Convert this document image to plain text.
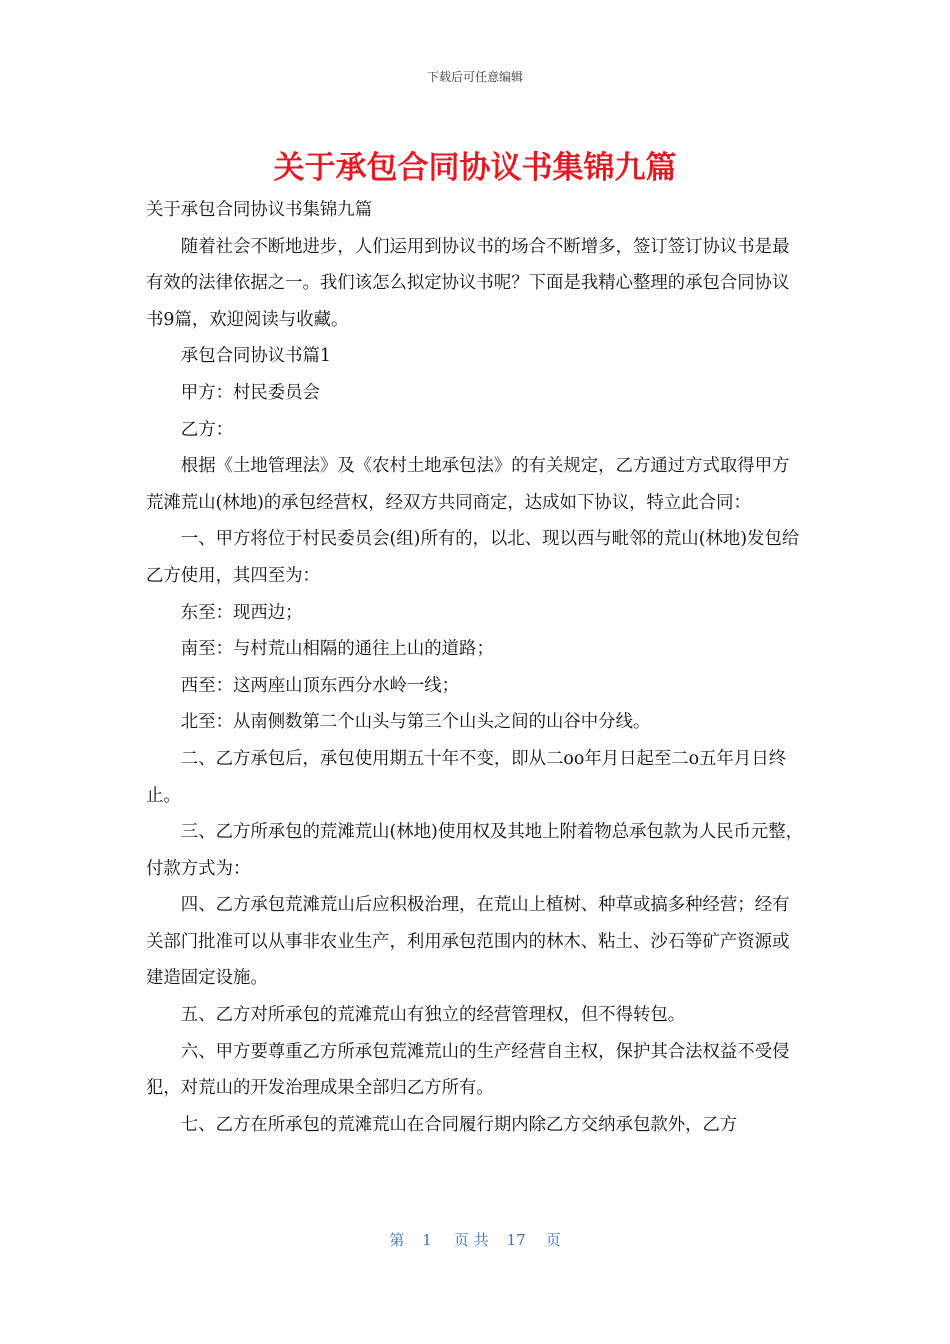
下载后可任意编辑
关于承包合同协议书集锦九篇

关于承包合同协议书集锦九篇

随着社会不断地进步，人们运用到协议书的场合不断增多，签订签订协议书是最有效的法律依据之一。我们该怎么拟定协议书呢？下面是我精心整理的承包合同协议书9篇，欢迎阅读与收藏。

承包合同协议书篇1

甲方：村民委员会

乙方：

根据《土地管理法》及《农村土地承包法》的有关规定，乙方通过方式取得甲方荒滩荒山(林地)的承包经营权，经双方共同商定，达成如下协议，特立此合同：

一、甲方将位于村民委员会(组)所有的，以北、现以西与毗邻的荒山(林地)发包给乙方使用，其四至为：

东至：现西边；

南至：与村荒山相隔的通往上山的道路；

西至：这两座山顶东西分水岭一线；

北至：从南侧数第二个山头与第三个山头之间的山谷中分线。

二、乙方承包后，承包使用期五十年不变，即从二oo年月日起至二o五年月日终止。

三、乙方所承包的荒滩荒山(林地)使用权及其地上附着物总承包款为人民币元整，付款方式为：

四、乙方承包荒滩荒山后应积极治理，在荒山上植树、种草或搞多种经营；经有关部门批准可以从事非农业生产，利用承包范围内的林木、粘土、沙石等矿产资源或建造固定设施。

五、乙方对所承包的荒滩荒山有独立的经营管理权，但不得转包。

六、甲方要尊重乙方所承包荒滩荒山的生产经营自主权，保护其合法权益不受侵犯，对荒山的开发治理成果全部归乙方所有。

七、乙方在所承包的荒滩荒山在合同履行期内除乙方交纳承包款外，乙方

第 1 页 共 17 页
